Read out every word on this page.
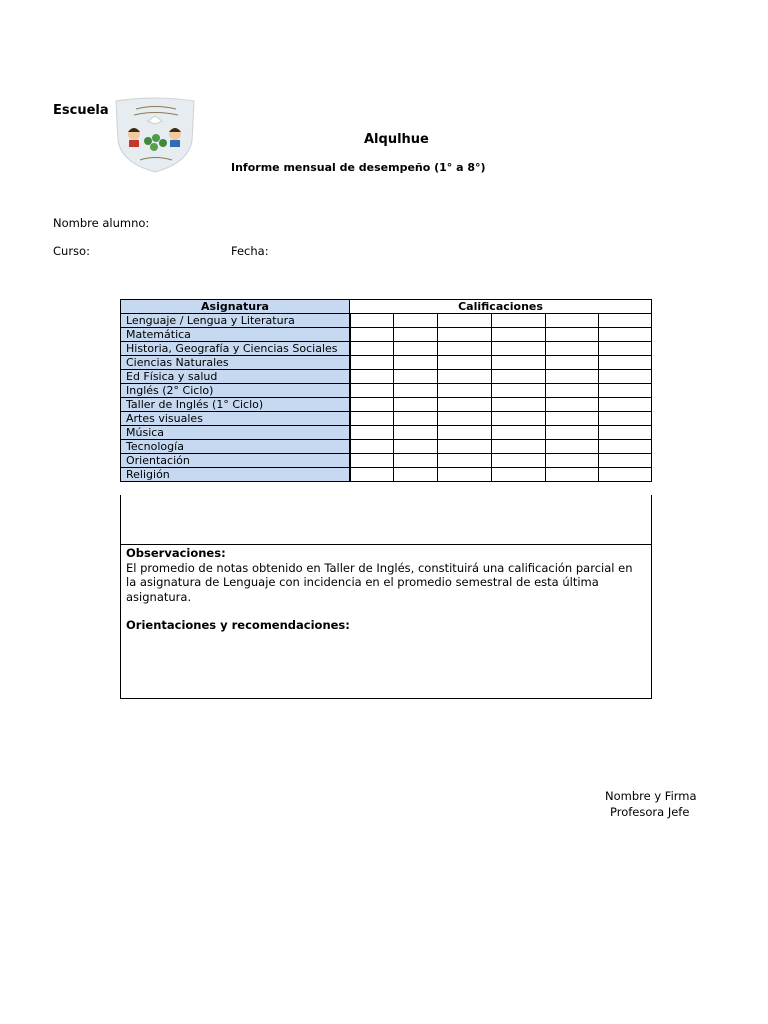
Escuela
Alqulhue
Informe mensual de desempeño (1° a 8°)
Nombre alumno:
Curso:	Fecha:
Asignatura	Calificaciones					
Lenguaje / Lengua y Literatura						
Matemática						
Historia, Geografía y Ciencias Sociales						
Ciencias Naturales						
Ed Física y salud						
Inglés (2° Ciclo)						
Taller de Inglés (1° Ciclo)						
Artes visuales						
Música						
Tecnología						
Orientación						
Religión						

Observaciones:

El promedio de notas obtenido en Taller de Inglés, constituirá una calificación parcial en la asignatura de Lenguaje con incidencia en el promedio semestral de esta última asignatura.

Orientaciones y recomendaciones:

Nombre y Firma
Profesora Jefe
